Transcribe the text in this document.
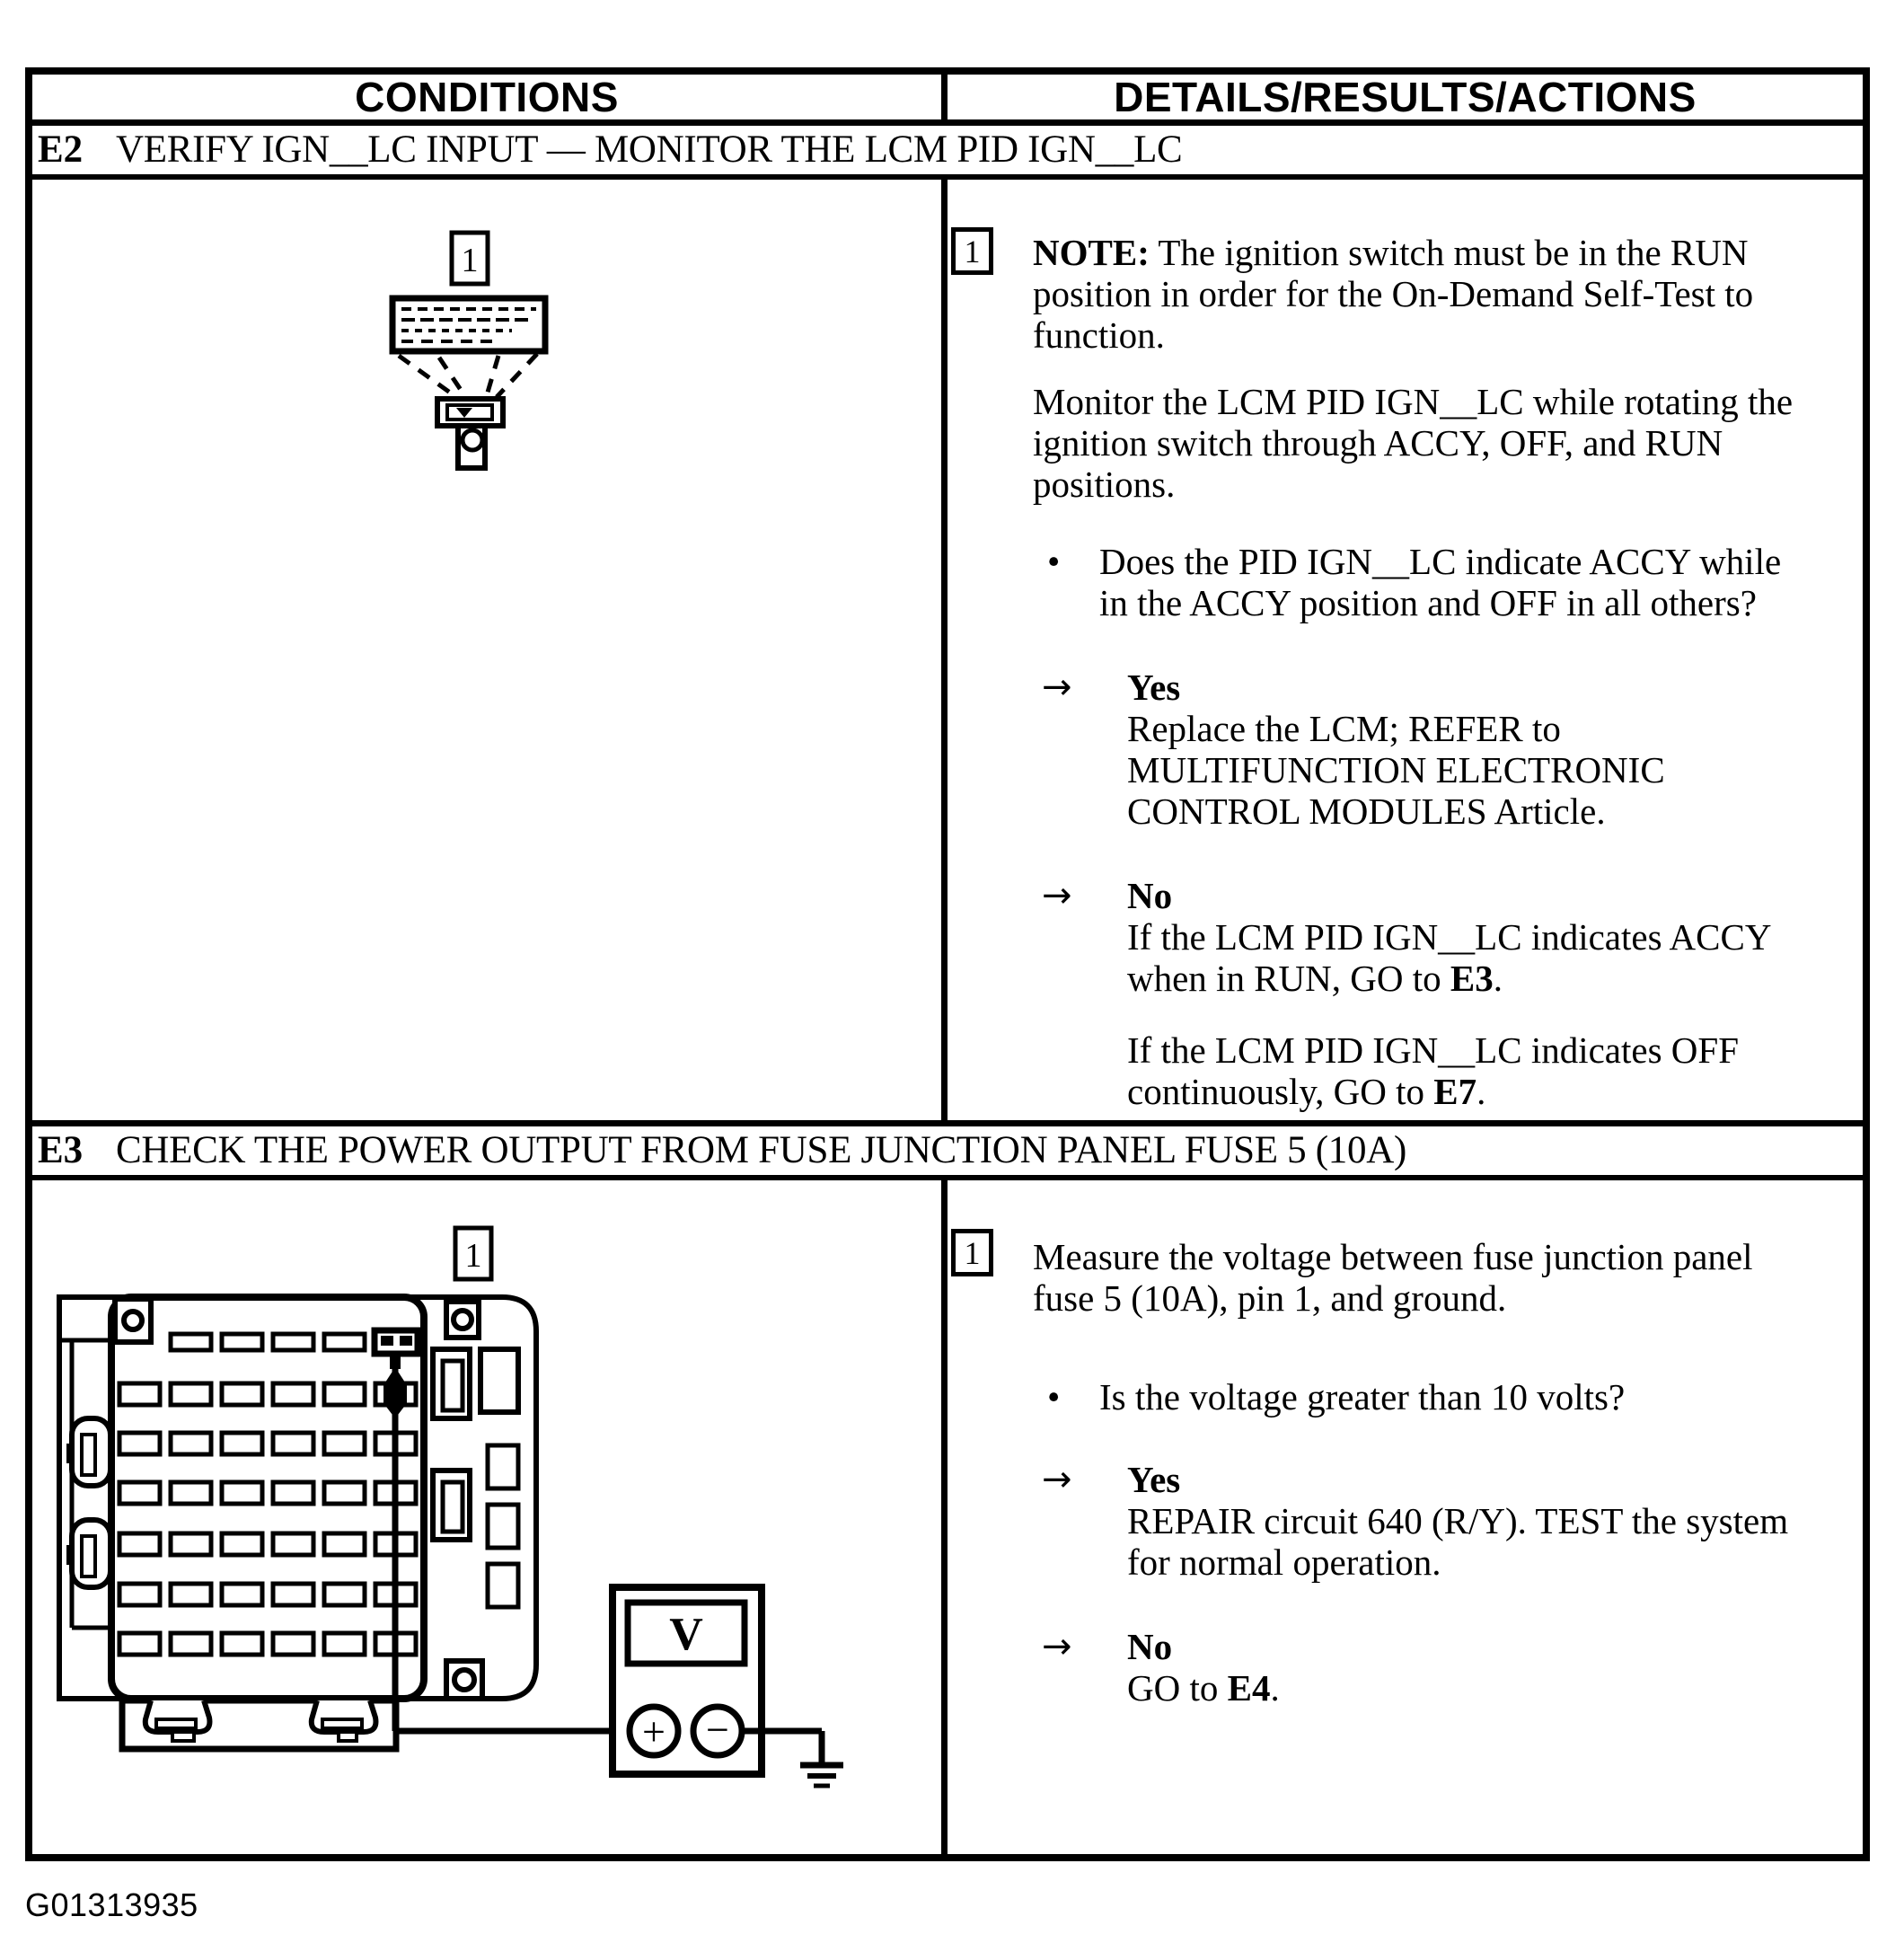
CONDITIONS	DETAILS/RESULTS/ACTIONS
E2 VERIFY IGN__LC INPUT — MONITOR THE LCM PID IGN__LC
1	1	NOTE: The ignition switch must be in the RUN
position in order for the On-Demand Self-Test to
function.
Monitor the LCM PID IGN__LC while rotating the
ignition switch through ACCY, OFF, and RUN
positions.
•	Does the PID IGN__LC indicate ACCY while
in the ACCY position and OFF in all others?
→	Yes
Replace the LCM; REFER to
MULTIFUNCTION ELECTRONIC
CONTROL MODULES Article.
→	No
If the LCM PID IGN__LC indicates ACCY
when in RUN, GO to E3.
If the LCM PID IGN__LC indicates OFF
continuously, GO to E7.
E3 CHECK THE POWER OUTPUT FROM FUSE JUNCTION PANEL FUSE 5 (10A)
1
V
+ −
1	Measure the voltage between fuse junction panel
fuse 5 (10A), pin 1, and ground.
•	Is the voltage greater than 10 volts?
→	Yes
REPAIR circuit 640 (R/Y). TEST the system
for normal operation.
→	No
GO to E4.
G01313935
